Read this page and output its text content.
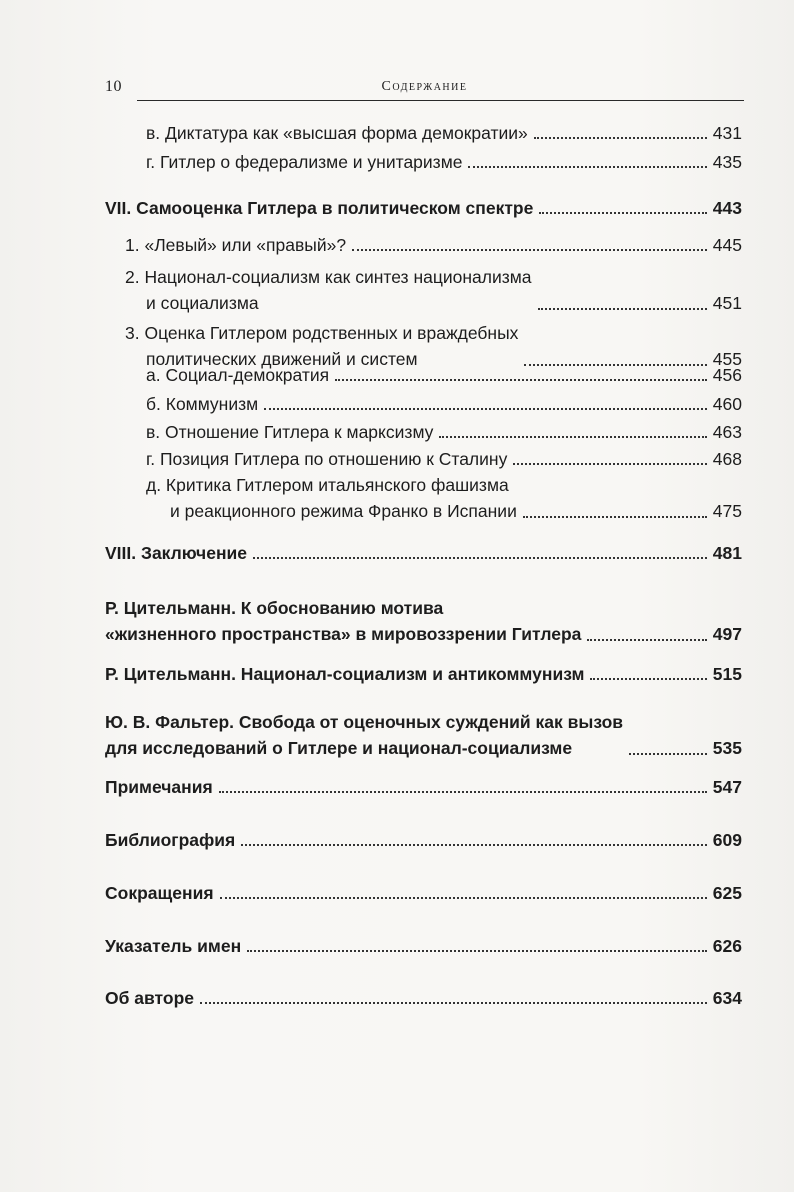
10	Содержание
в. Диктатура как «высшая форма демократии»	431
г. Гитлер о федерализме и унитаризме	435
VII. Самооценка Гитлера в политическом спектре	443
1. «Левый» или «правый»?	445
2. Национал-социализм как синтез национализма
и социализма	451
3. Оценка Гитлером родственных и враждебных
политических движений и систем	455
а. Социал-демократия	456
б. Коммунизм	460
в. Отношение Гитлера к марксизму	463
г. Позиция Гитлера по отношению к Сталину	468
д. Критика Гитлером итальянского фашизма
и реакционного режима Франко в Испании	475
VIII. Заключение	481
Р. Цительманн. К обоснованию мотива
«жизненного пространства» в мировоззрении Гитлера	497
Р. Цительманн. Национал-социализм и антикоммунизм	515
Ю. В. Фальтер. Свобода от оценочных суждений как вызов
для исследований о Гитлере и национал-социализме	535
Примечания	547
Библиография	609
Сокращения	625
Указатель имен	626
Об авторе	634
